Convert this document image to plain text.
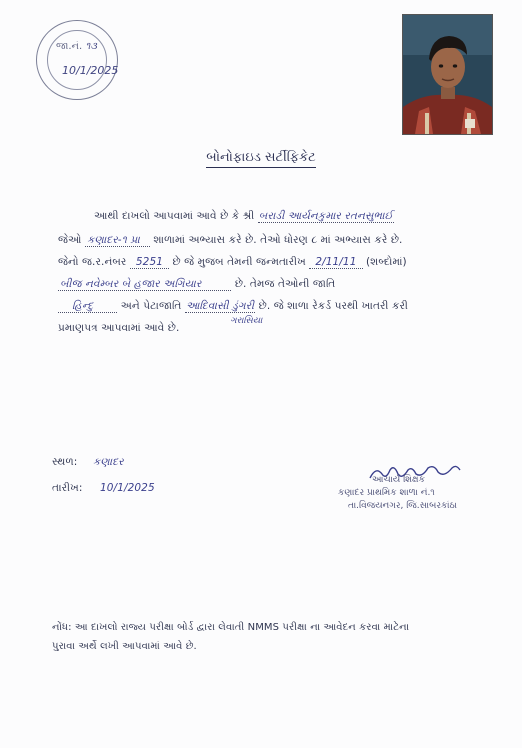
જા.નં. ૧૩
10/1/2025
બોનોફાઇડ સર્ટીફિકેટ
આથી દાખલો આપવામાં આવે છે કે શ્રી બરાડી આર્યનકુમાર રતનસુભાઈ
જેઓ કણાદર-૧ પ્રા શાળામાં અભ્યાસ કરે છે. તેઓ ધોરણ ૮ માં અભ્યાસ કરે છે.
જેનો જ.ર.નંબર 5251 છે જે મુજબ તેમની જન્મતારીખ 2/11/11 (શબ્દોમાં)
બીજ નવેમ્બર બે હજાર અગિયાર	છે. તેમજ તેઓની જાતિ
હિન્દુ	અને પેટાજાતિ આદિવાસી ડુંગરી છે. જે શાળા રેકર્ડ પરથી ખાતરી કરી
ગરાસિયા
પ્રમાણપત્ર આપવામાં આવે છે.
સ્થળ: કણાદર
તારીખ: 10/1/2025
આચાર્ય શિક્ષક
કણાદર પ્રાથમિક શાળા નં.૧
તા.વિજયનગર, જિ.સાબરકાંઠા
નોંધ: આ દાખલો રાજ્ય પરીક્ષા બોર્ડ દ્વારા લેવાતી NMMS પરીક્ષા ના આવેદન કરવા માટેના
પુરાવા અર્થે લખી આપવામાં આવે છે.
